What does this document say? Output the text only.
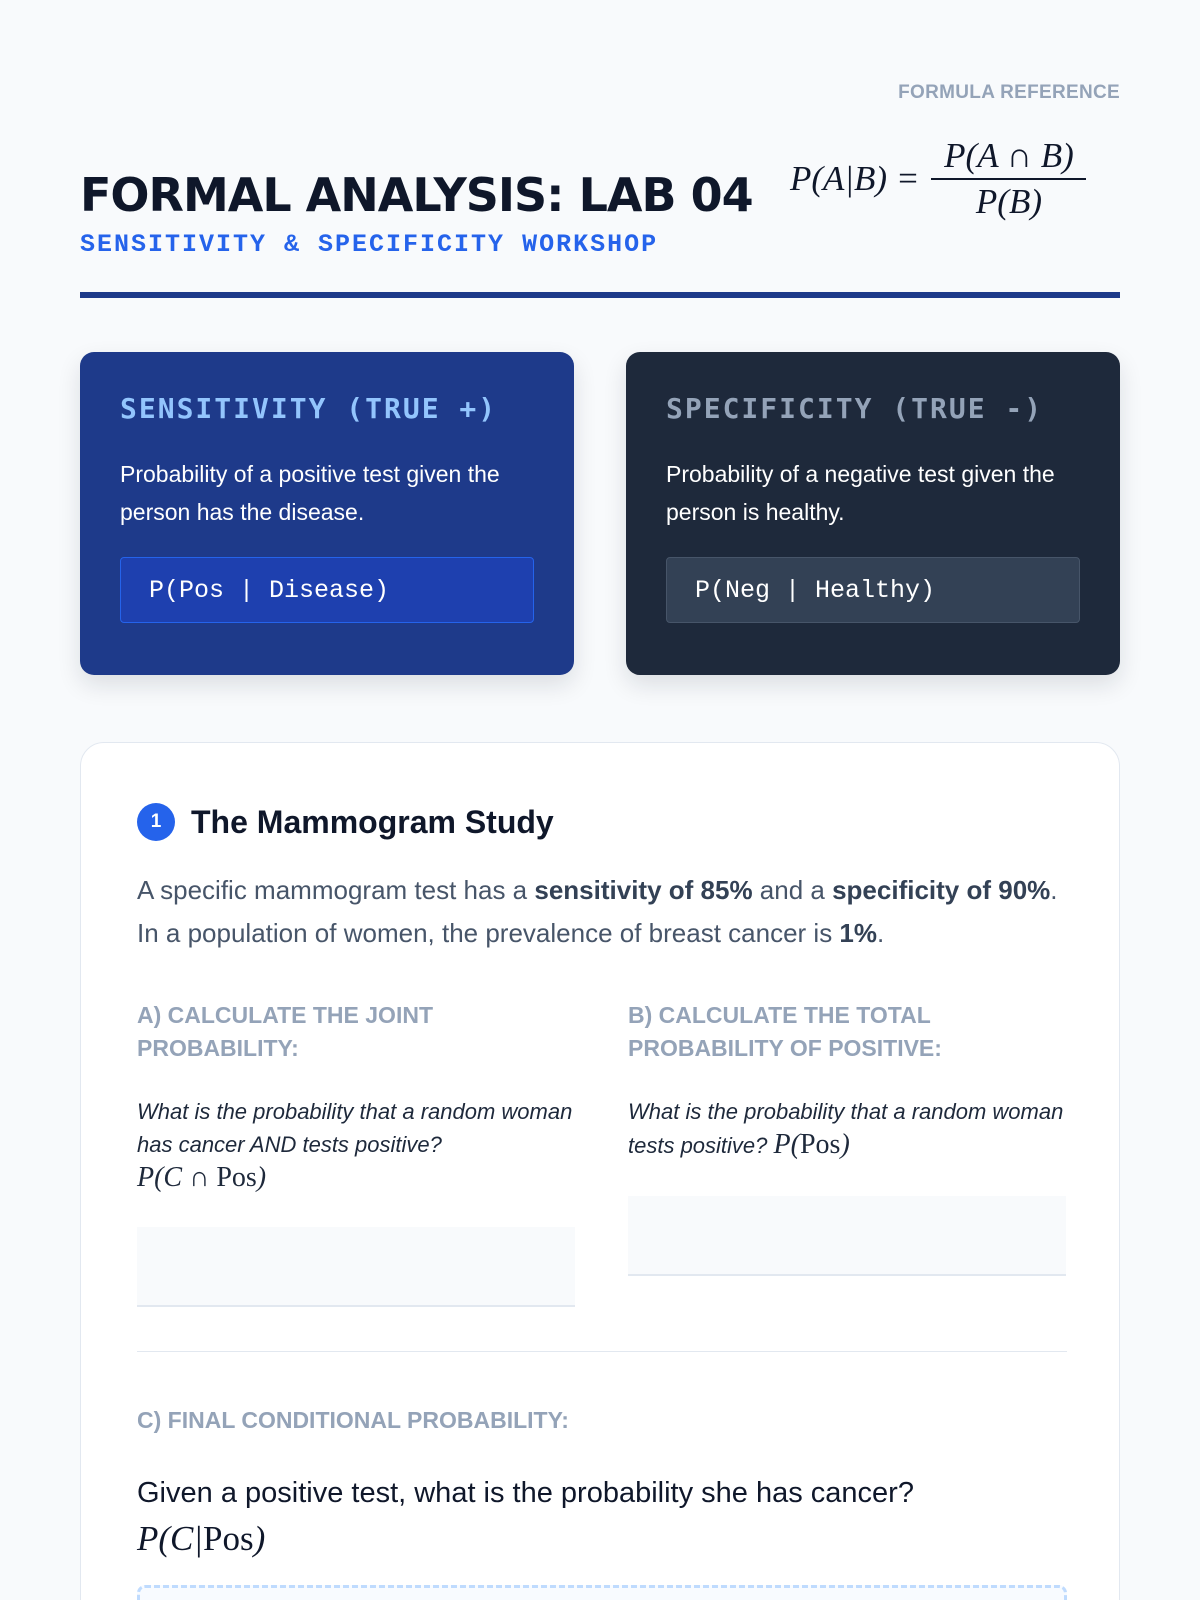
FORMULA REFERENCE
FORMAL ANALYSIS: LAB 04 $P(A|B) = \frac{P(A \cap B)}{P(B)}$
SENSITIVITY & SPECIFICITY WORKSHOP
SENSITIVITY (TRUE +)

Probability of a positive test given the person has the disease.

P(Pos | Disease)
SPECIFICITY (TRUE -)

Probability of a negative test given the person is healthy.

P(Neg | Healthy)
1 The Mammogram Study

A specific mammogram test has a sensitivity of 85% and a specificity of 90%. In a population of women, the prevalence of breast cancer is 1%.

A) CALCULATE THE JOINT PROBABILITY:
What is the probability that a random woman has cancer AND tests positive?
P(C ∩ Pos)
B) CALCULATE THE TOTAL PROBABILITY OF POSITIVE:
What is the probability that a random woman tests positive? P(Pos)
C) FINAL CONDITIONAL PROBABILITY:
Given a positive test, what is the probability she has cancer?
P(C|Pos)
